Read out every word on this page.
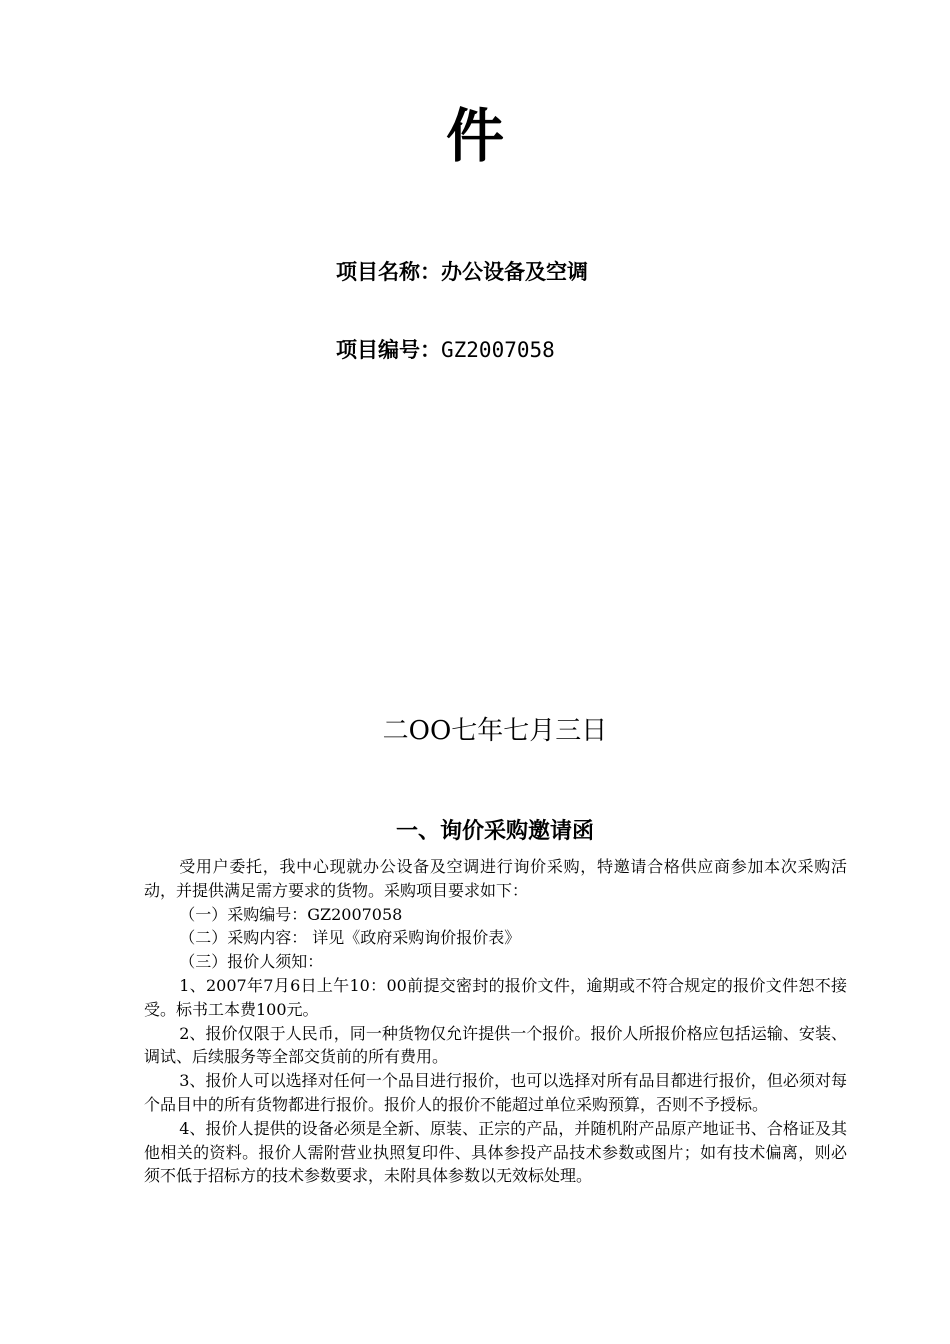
件
项目名称：办公设备及空调
项目编号：GZ2007058
二OO七年七月三日
一、询价采购邀请函

受用户委托，我中心现就办公设备及空调进行询价采购，特邀请合格供应商参加本次采购活动，并提供满足需方要求的货物。采购项目要求如下：

（一）采购编号：GZ2007058

（二）采购内容： 详见《政府采购询价报价表》

（三）报价人须知：

1、2007年7月6日上午10：00前提交密封的报价文件，逾期或不符合规定的报价文件恕不接受。标书工本费100元。

2、报价仅限于人民币，同一种货物仅允许提供一个报价。报价人所报价格应包括运输、安装、调试、后续服务等全部交货前的所有费用。

3、报价人可以选择对任何一个品目进行报价，也可以选择对所有品目都进行报价，但必须对每个品目中的所有货物都进行报价。报价人的报价不能超过单位采购预算，否则不予授标。

4、报价人提供的设备必须是全新、原装、正宗的产品，并随机附产品原产地证书、合格证及其他相关的资料。报价人需附营业执照复印件、具体参投产品技术参数或图片；如有技术偏离，则必须不低于招标方的技术参数要求，未附具体参数以无效标处理。
